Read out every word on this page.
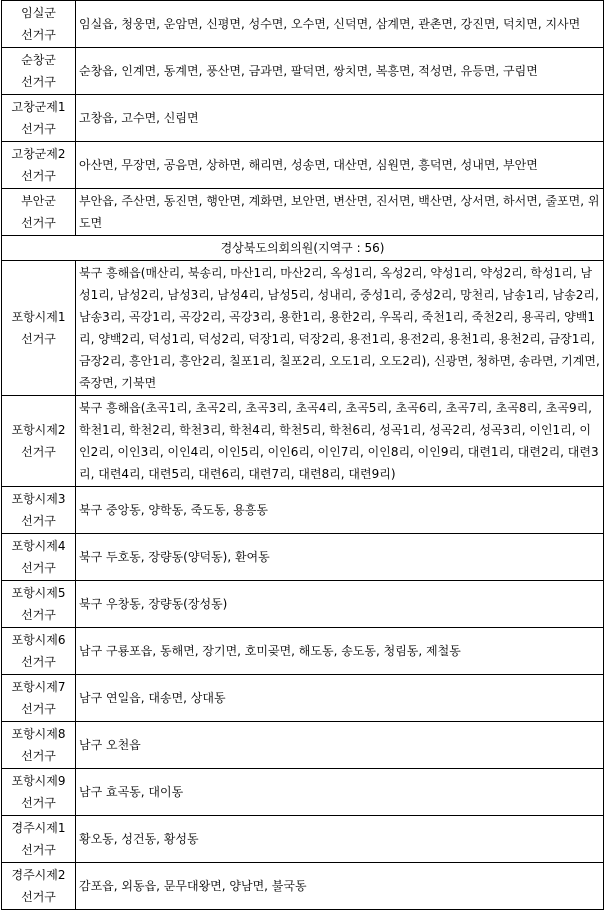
임실군
선거구	임실읍, 청웅면, 운암면, 신평면, 성수면, 오수면, 신덕면, 삼계면, 관촌면, 강진면, 덕치면, 지사면

순창군
선거구	순창읍, 인계면, 동계면, 풍산면, 금과면, 팔덕면, 쌍치면, 복흥면, 적성면, 유등면, 구림면

고창군제1
선거구	고창읍, 고수면, 신림면

고창군제2
선거구	아산면, 무장면, 공음면, 상하면, 해리면, 성송면, 대산면, 심원면, 흥덕면, 성내면, 부안면

부안군
선거구	부안읍, 주산면, 동진면, 행안면, 계화면, 보안면, 변산면, 진서면, 백산면, 상서면, 하서면, 줄포면, 위도면
경상북도의회의원(지역구 : 56)	

포항시제1
선거구	북구 흥해읍(매산리, 북송리, 마산1리, 마산2리, 옥성1리, 옥성2리, 약성1리, 약성2리, 학성1리, 남성1리, 남성2리, 남성3리, 남성4리, 남성5리, 성내리, 중성1리, 중성2리, 망천리, 남송1리, 남송2리, 남송3리, 곡강1리, 곡강2리, 곡강3리, 용한1리, 용한2리, 우목리, 죽천1리, 죽천2리, 용곡리, 양백1리, 양백2리, 덕성1리, 덕성2리, 덕장1리, 덕장2리, 용전1리, 용전2리, 용천1리, 용천2리, 금장1리, 금장2리, 흥안1리, 흥안2리, 칠포1리, 칠포2리, 오도1리, 오도2리), 신광면, 청하면, 송라면, 기계면, 죽장면, 기북면

포항시제2
선거구	북구 흥해읍(초곡1리, 초곡2리, 초곡3리, 초곡4리, 초곡5리, 초곡6리, 초곡7리, 초곡8리, 초곡9리, 학천1리, 학천2리, 학천3리, 학천4리, 학천5리, 학천6리, 성곡1리, 성곡2리, 성곡3리, 이인1리, 이인2리, 이인3리, 이인4리, 이인5리, 이인6리, 이인7리, 이인8리, 이인9리, 대련1리, 대련2리, 대련3리, 대련4리, 대련5리, 대련6리, 대련7리, 대련8리, 대련9리)

포항시제3
선거구	북구 중앙동, 양학동, 죽도동, 용흥동

포항시제4
선거구	북구 두호동, 장량동(양덕동), 환여동

포항시제5
선거구	북구 우창동, 장량동(장성동)

포항시제6
선거구	남구 구룡포읍, 동해면, 장기면, 호미곶면, 해도동, 송도동, 청림동, 제철동

포항시제7
선거구	남구 연일읍, 대송면, 상대동

포항시제8
선거구	남구 오천읍

포항시제9
선거구	남구 효곡동, 대이동

경주시제1
선거구	황오동, 성건동, 황성동

경주시제2
선거구	감포읍, 외동읍, 문무대왕면, 양남면, 불국동
